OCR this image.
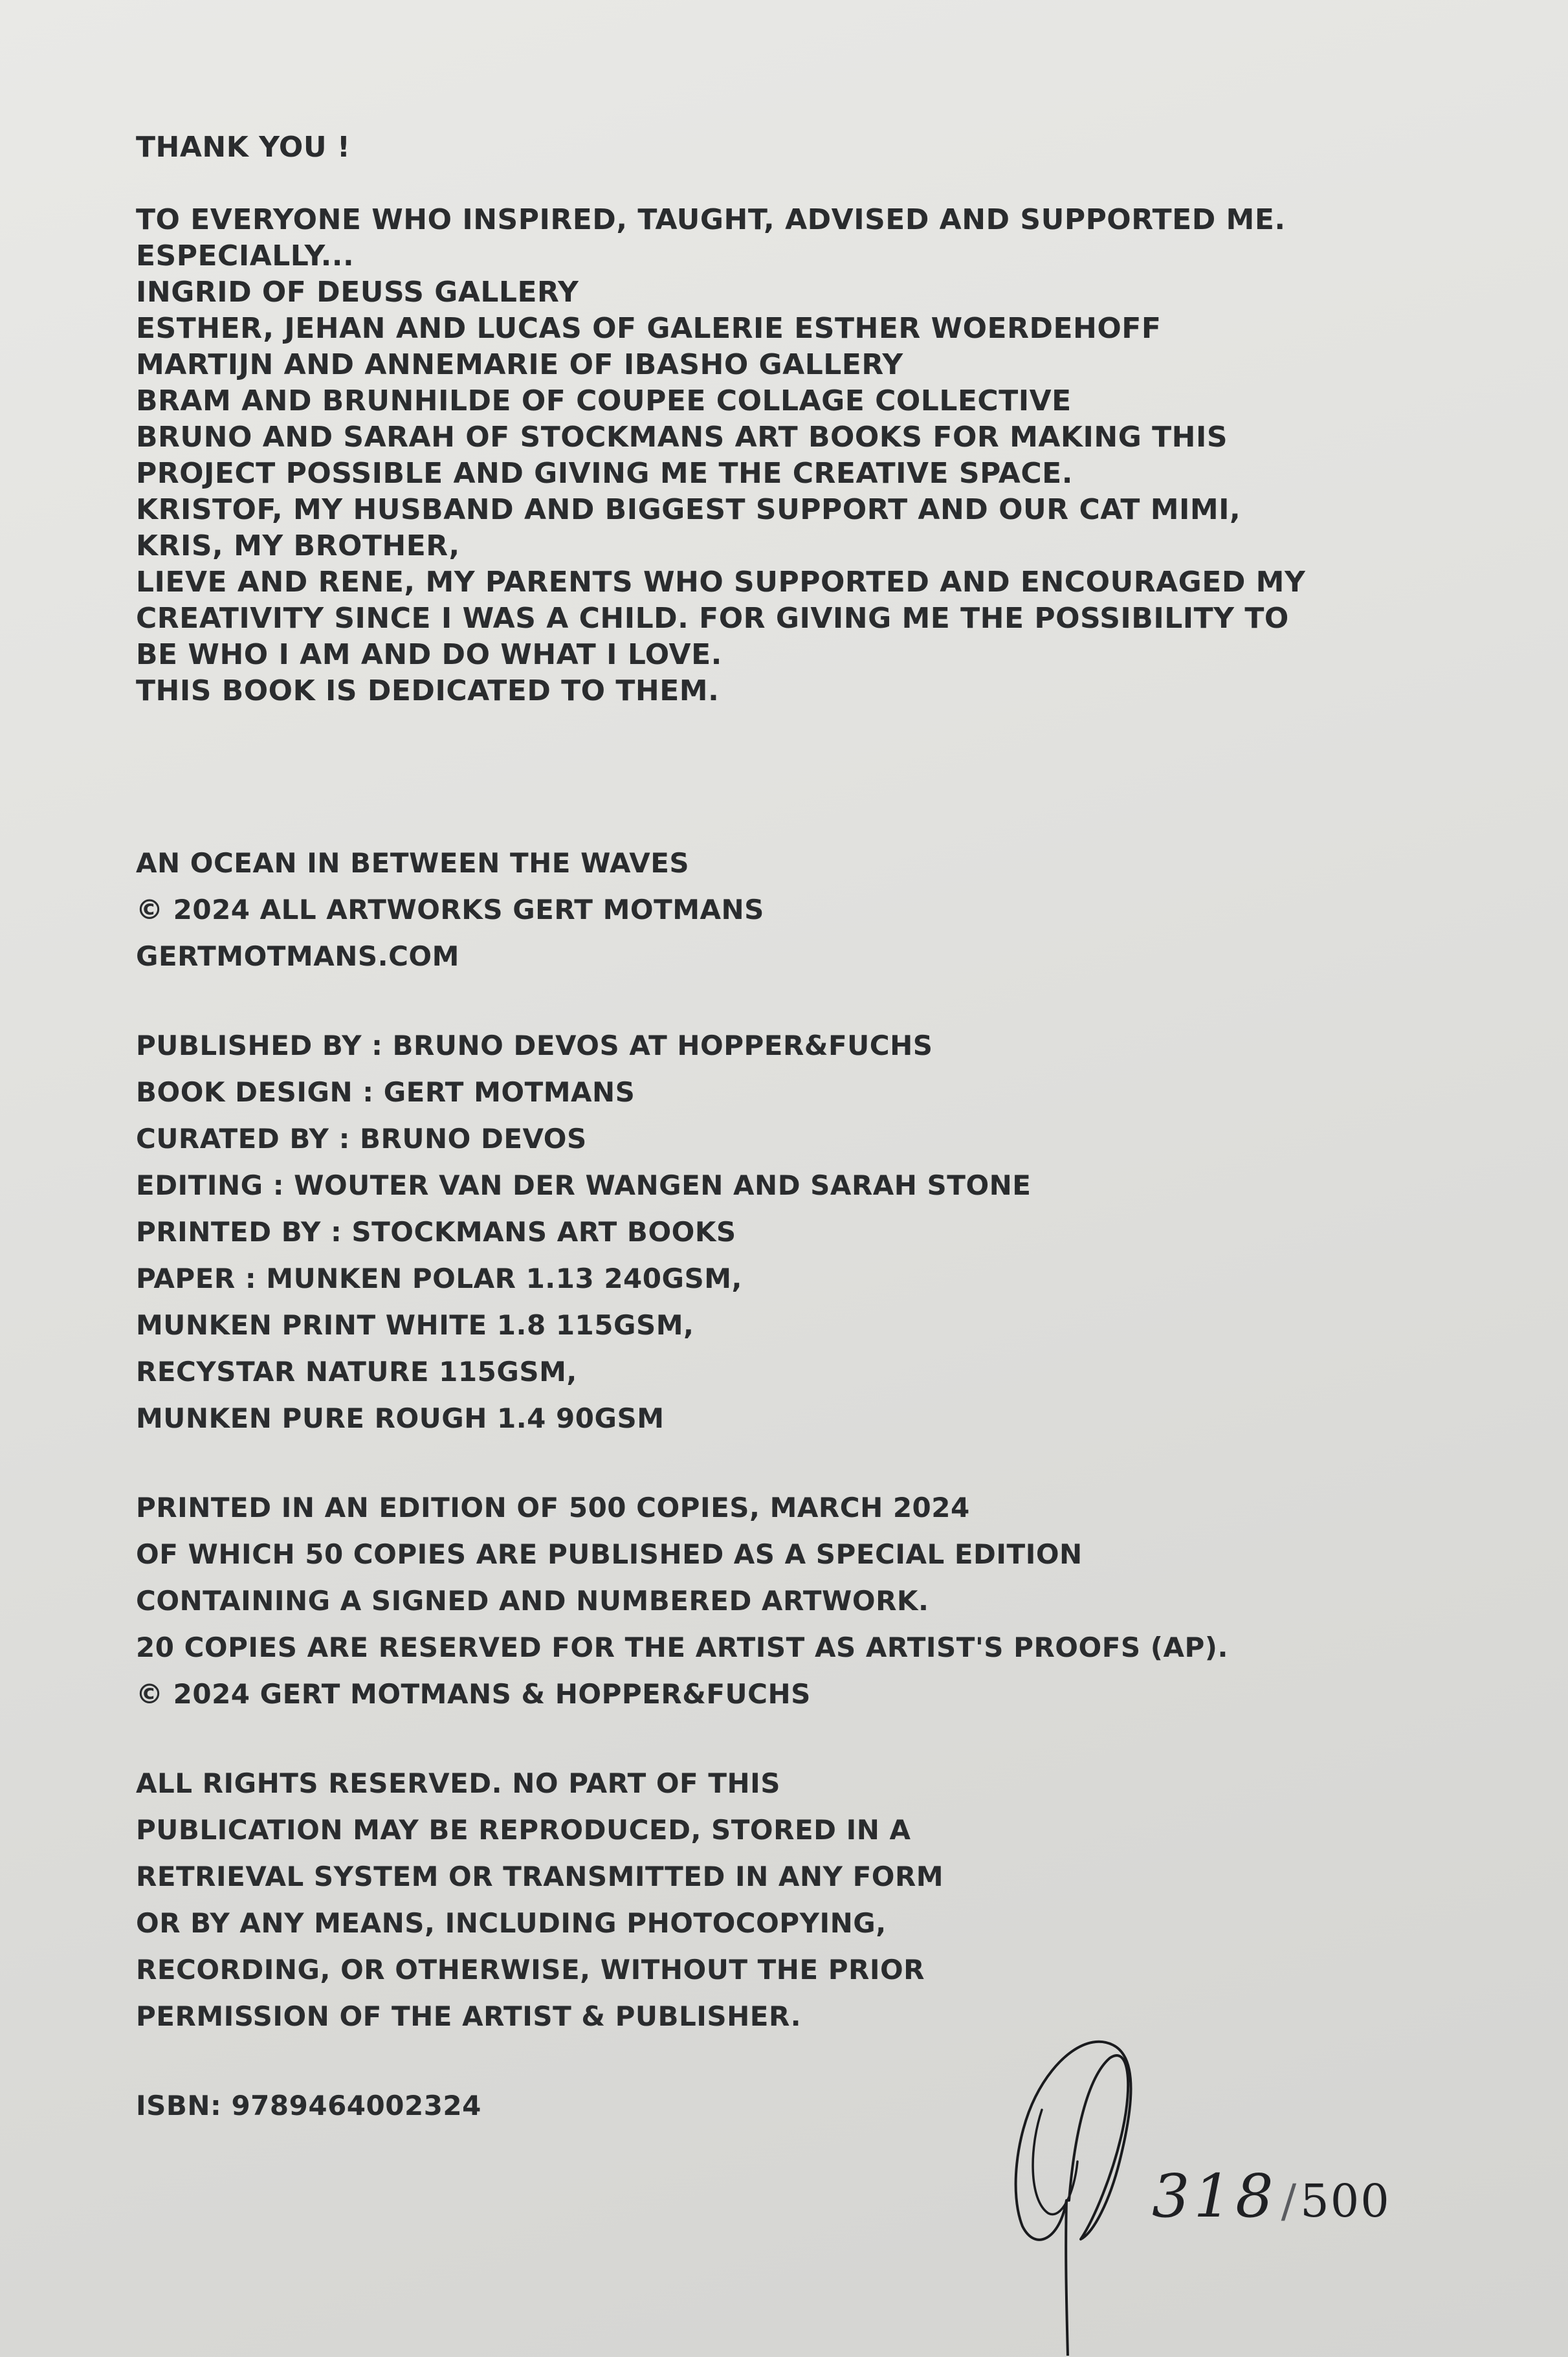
THANK YOU !

TO EVERYONE WHO INSPIRED, TAUGHT, ADVISED AND SUPPORTED ME.
ESPECIALLY...
INGRID OF DEUSS GALLERY
ESTHER, JEHAN AND LUCAS OF GALERIE ESTHER WOERDEHOFF
MARTIJN AND ANNEMARIE OF IBASHO GALLERY
BRAM AND BRUNHILDE OF COUPEE COLLAGE COLLECTIVE
BRUNO AND SARAH OF STOCKMANS ART BOOKS FOR MAKING THIS
PROJECT POSSIBLE AND GIVING ME THE CREATIVE SPACE.
KRISTOF, MY HUSBAND AND BIGGEST SUPPORT AND OUR CAT MIMI,
KRIS, MY BROTHER,
LIEVE AND RENE, MY PARENTS WHO SUPPORTED AND ENCOURAGED MY
CREATIVITY SINCE I WAS A CHILD. FOR GIVING ME THE POSSIBILITY TO
BE WHO I AM AND DO WHAT I LOVE.
THIS BOOK IS DEDICATED TO THEM.
AN OCEAN IN BETWEEN THE WAVES
© 2024 ALL ARTWORKS GERT MOTMANS
GERTMOTMANS.COM
PUBLISHED BY : BRUNO DEVOS AT HOPPER&FUCHS
BOOK DESIGN : GERT MOTMANS
CURATED BY : BRUNO DEVOS
EDITING : WOUTER VAN DER WANGEN AND SARAH STONE
PRINTED BY : STOCKMANS ART BOOKS
PAPER : MUNKEN POLAR 1.13 240GSM,
MUNKEN PRINT WHITE 1.8 115GSM,
RECYSTAR NATURE 115GSM,
MUNKEN PURE ROUGH 1.4 90GSM
PRINTED IN AN EDITION OF 500 COPIES, MARCH 2024
OF WHICH 50 COPIES ARE PUBLISHED AS A SPECIAL EDITION
CONTAINING A SIGNED AND NUMBERED ARTWORK.
20 COPIES ARE RESERVED FOR THE ARTIST AS ARTIST'S PROOFS (AP).
© 2024 GERT MOTMANS & HOPPER&FUCHS
ALL RIGHTS RESERVED. NO PART OF THIS
PUBLICATION MAY BE REPRODUCED, STORED IN A
RETRIEVAL SYSTEM OR TRANSMITTED IN ANY FORM
OR BY ANY MEANS, INCLUDING PHOTOCOPYING,
RECORDING, OR OTHERWISE, WITHOUT THE PRIOR
PERMISSION OF THE ARTIST & PUBLISHER.
ISBN: 9789464002324
318/500
